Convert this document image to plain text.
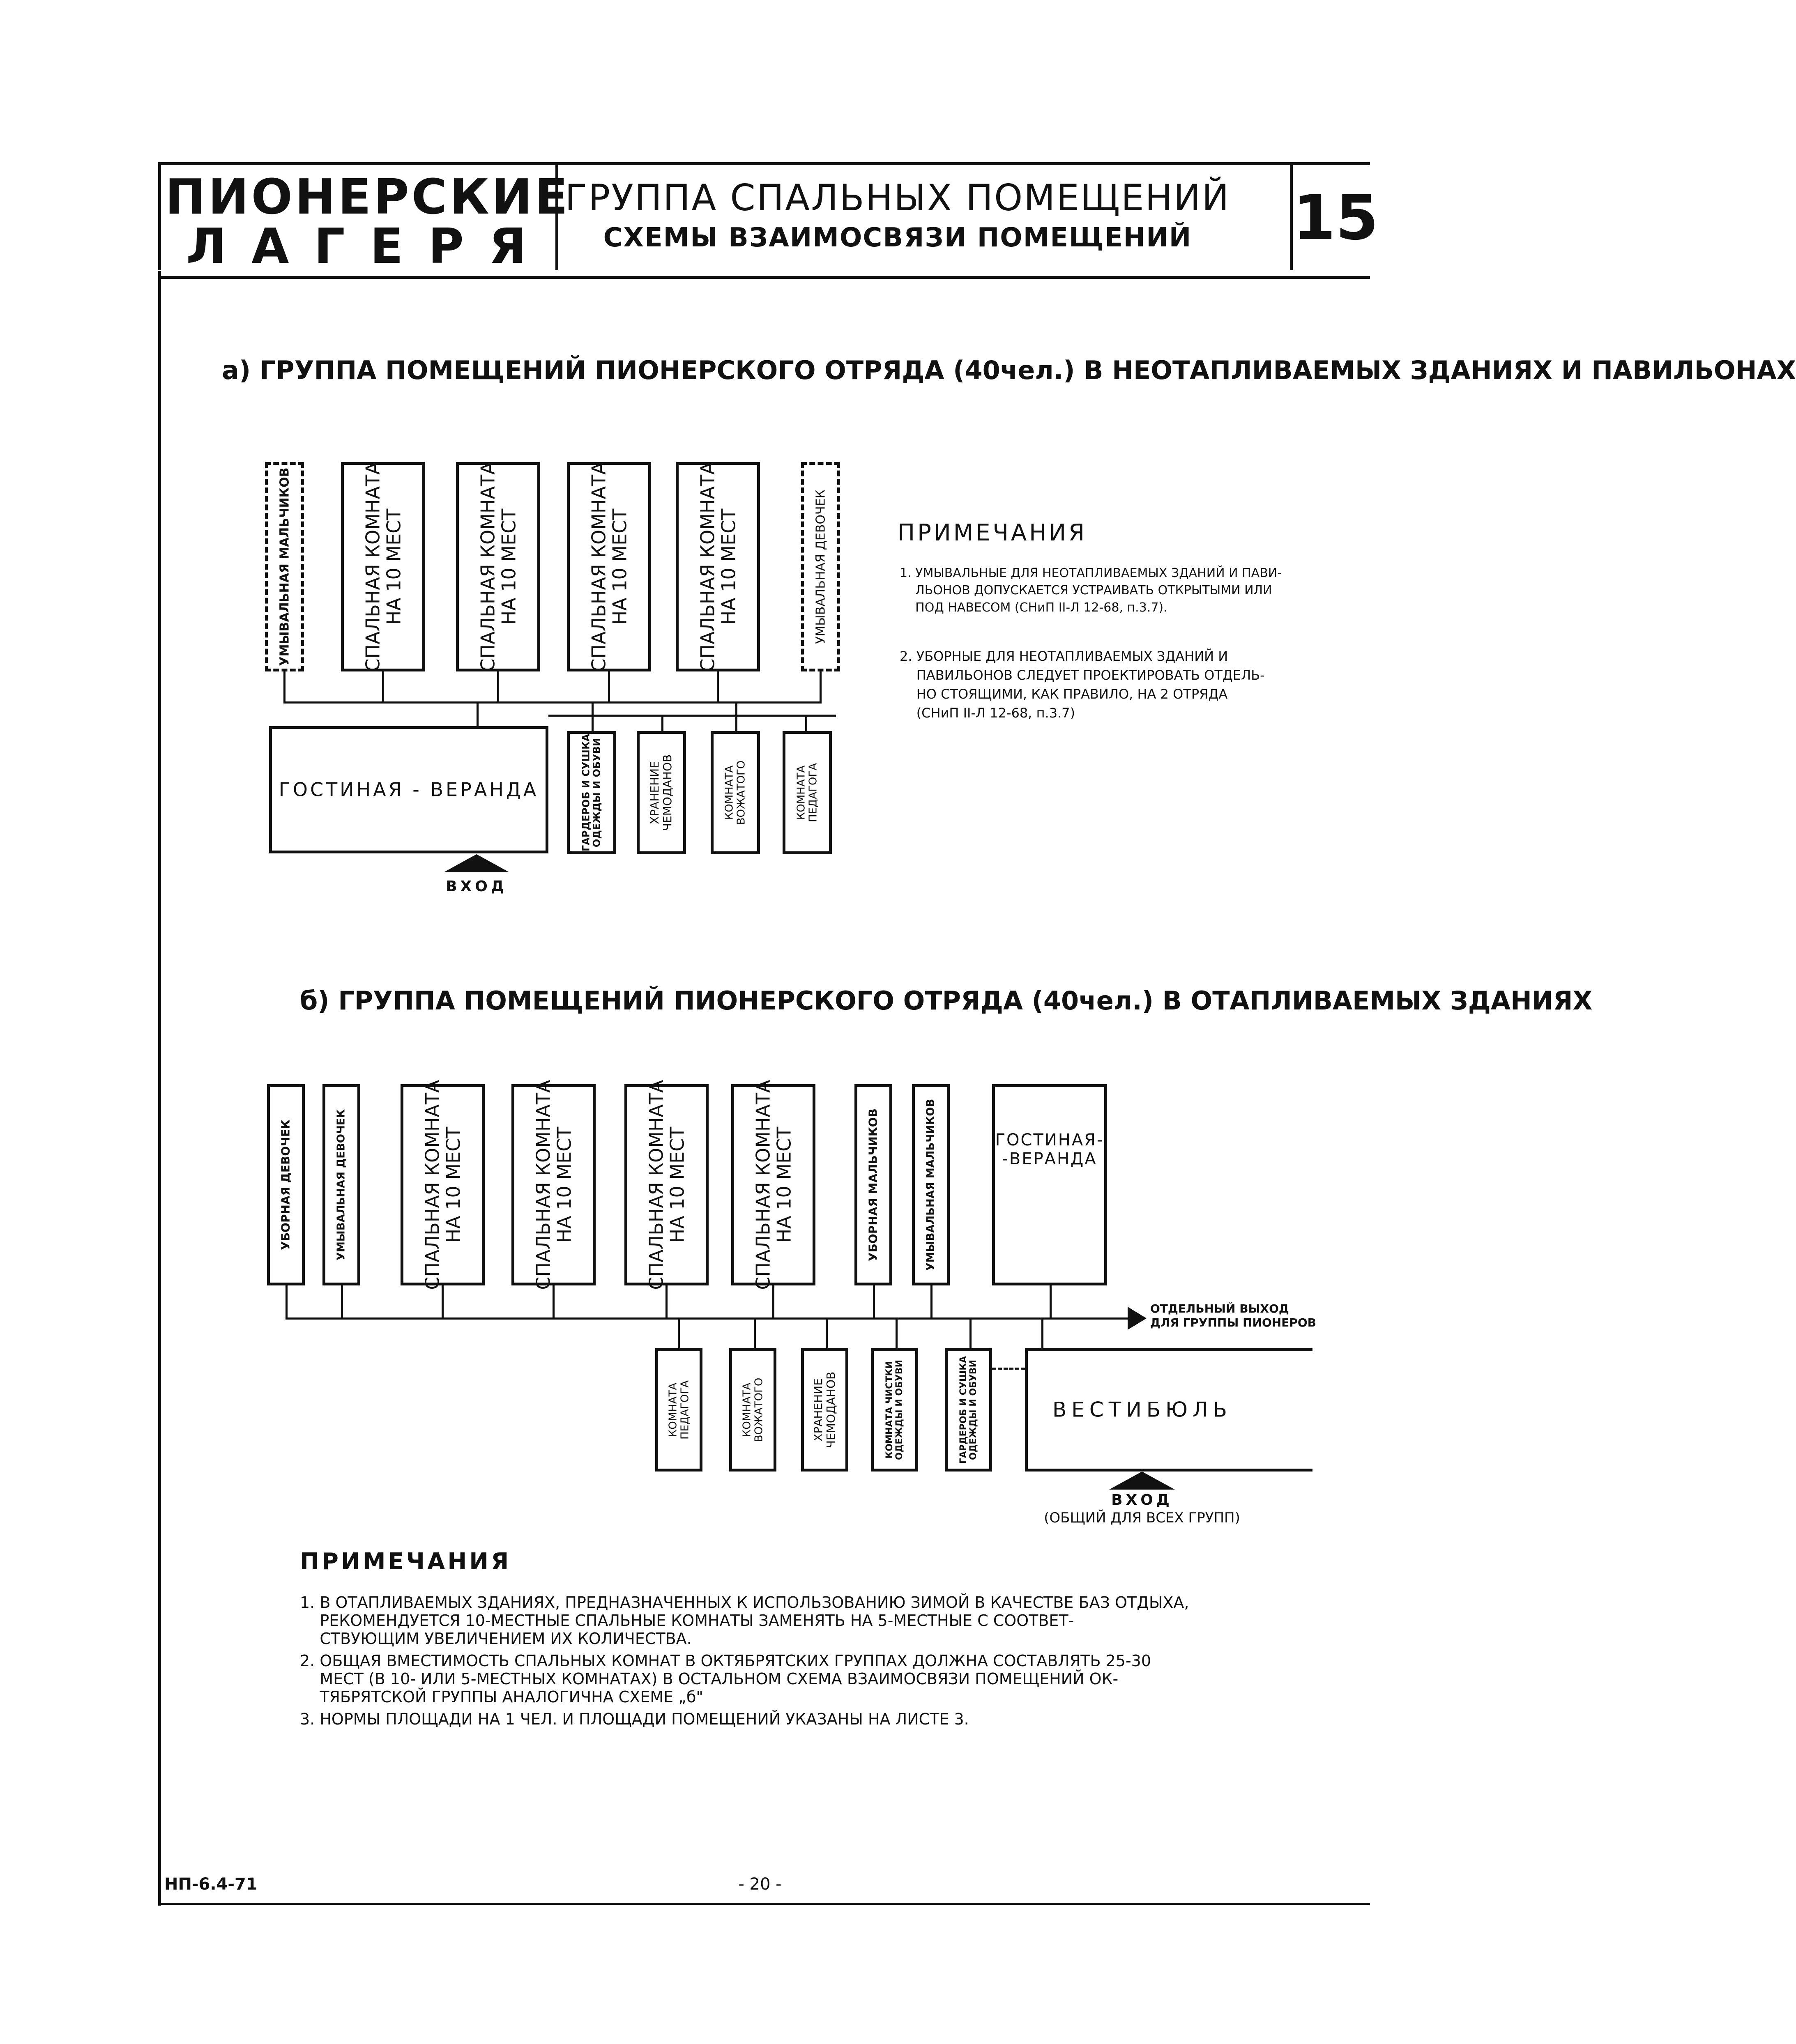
ПИОНЕРСКИЕ
Л А Г Е Р Я
ГРУППА СПАЛЬНЫХ ПОМЕЩЕНИЙ
СХЕМЫ ВЗАИМОСВЯЗИ ПОМЕЩЕНИЙ	15
а) ГРУППА ПОМЕЩЕНИЙ ПИОНЕРСКОГО ОТРЯДА (40чел.) В НЕОТАПЛИВАЕМЫХ ЗДАНИЯХ И ПАВИЛЬОНАХ
УМЫВАЛЬНАЯ МАЛЬЧИКОВ	СПАЛЬНАЯ КОМНАТА
НА 10 МЕСТ
СПАЛЬНАЯ КОМНАТА
НА 10 МЕСТ
СПАЛЬНАЯ КОМНАТА
НА 10 МЕСТ
СПАЛЬНАЯ КОМНАТА
НА 10 МЕСТ	УМЫВАЛЬНАЯ ДЕВОЧЕК
ГОСТИНАЯ - ВЕРАНДА
ВХОД
ГАРДЕРОБ И СУШКА
ОДЕЖДЫ И ОБУВИ
ХРАНЕНИЕ
ЧЕМОДАНОВ	КОМНАТА
ВОЖАТОГО	КОМНАТА
ПЕДАГОГА
ПРИМЕЧАНИЯ
1. УМЫВАЛЬНЫЕ ДЛЯ НЕОТАПЛИВАЕМЫХ ЗДАНИЙ И ПАВИ-
ЛЬОНОВ ДОПУСКАЕТСЯ УСТРАИВАТЬ ОТКРЫТЫМИ ИЛИ
ПОД НАВЕСОМ (СНиП II-Л 12-68, п.3.7).
2. УБОРНЫЕ ДЛЯ НЕОТАПЛИВАЕМЫХ ЗДАНИЙ И
ПАВИЛЬОНОВ СЛЕДУЕТ ПРОЕКТИРОВАТЬ ОТДЕЛЬ-
НО СТОЯЩИМИ, КАК ПРАВИЛО, НА 2 ОТРЯДА
(СНиП II-Л 12-68, п.3.7)
б) ГРУППА ПОМЕЩЕНИЙ ПИОНЕРСКОГО ОТРЯДА (40чел.) В ОТАПЛИВАЕМЫХ ЗДАНИЯХ
УБОРНАЯ ДЕВОЧЕК	УМЫВАЛЬНАЯ ДЕВОЧЕК	СПАЛЬНАЯ КОМНАТА
НА 10 МЕСТ
СПАЛЬНАЯ КОМНАТА
НА 10 МЕСТ
СПАЛЬНАЯ КОМНАТА
НА 10 МЕСТ
СПАЛЬНАЯ КОМНАТА
НА 10 МЕСТ	УБОРНАЯ МАЛЬЧИКОВ	УМЫВАЛЬНАЯ МАЛЬЧИКОВ	ГОСТИНАЯ-
-ВЕРАНДА
ОТДЕЛЬНЫЙ ВЫХОД
ДЛЯ ГРУППЫ ПИОНЕРОВ
КОМНАТА
ПЕДАГОГА	КОМНАТА
ВОЖАТОГО	ХРАНЕНИЕ
ЧЕМОДАНОВ	КОМНАТА ЧИСТКИ
ОДЕЖДЫ И ОБУВИ
ГАРДЕРОБ И СУШКА
ОДЕЖДЫ И ОБУВИ
ВЕСТИБЮЛЬ
ВХОД
(ОБЩИЙ ДЛЯ ВСЕХ ГРУПП)
ПРИМЕЧАНИЯ
1. В ОТАПЛИВАЕМЫХ ЗДАНИЯХ, ПРЕДНАЗНАЧЕННЫХ К ИСПОЛЬЗОВАНИЮ ЗИМОЙ В КАЧЕСТВЕ БАЗ ОТДЫХА,
РЕКОМЕНДУЕТСЯ 10-МЕСТНЫЕ СПАЛЬНЫЕ КОМНАТЫ ЗАМЕНЯТЬ НА 5-МЕСТНЫЕ С СООТВЕТ-
СТВУЮЩИМ УВЕЛИЧЕНИЕМ ИХ КОЛИЧЕСТВА.
2. ОБЩАЯ ВМЕСТИМОСТЬ СПАЛЬНЫХ КОМНАТ В ОКТЯБРЯТСКИХ ГРУППАХ ДОЛЖНА СОСТАВЛЯТЬ 25-30
МЕСТ (В 10- ИЛИ 5-МЕСТНЫХ КОМНАТАХ) В ОСТАЛЬНОМ СХЕМА ВЗАИМОСВЯЗИ ПОМЕЩЕНИЙ ОК-
ТЯБРЯТСКОЙ ГРУППЫ АНАЛОГИЧНА СХЕМЕ „б"
3. НОРМЫ ПЛОЩАДИ НА 1 ЧЕЛ. И ПЛОЩАДИ ПОМЕЩЕНИЙ УКАЗАНЫ НА ЛИСТЕ 3.
НП-6.4-71	- 20 -
